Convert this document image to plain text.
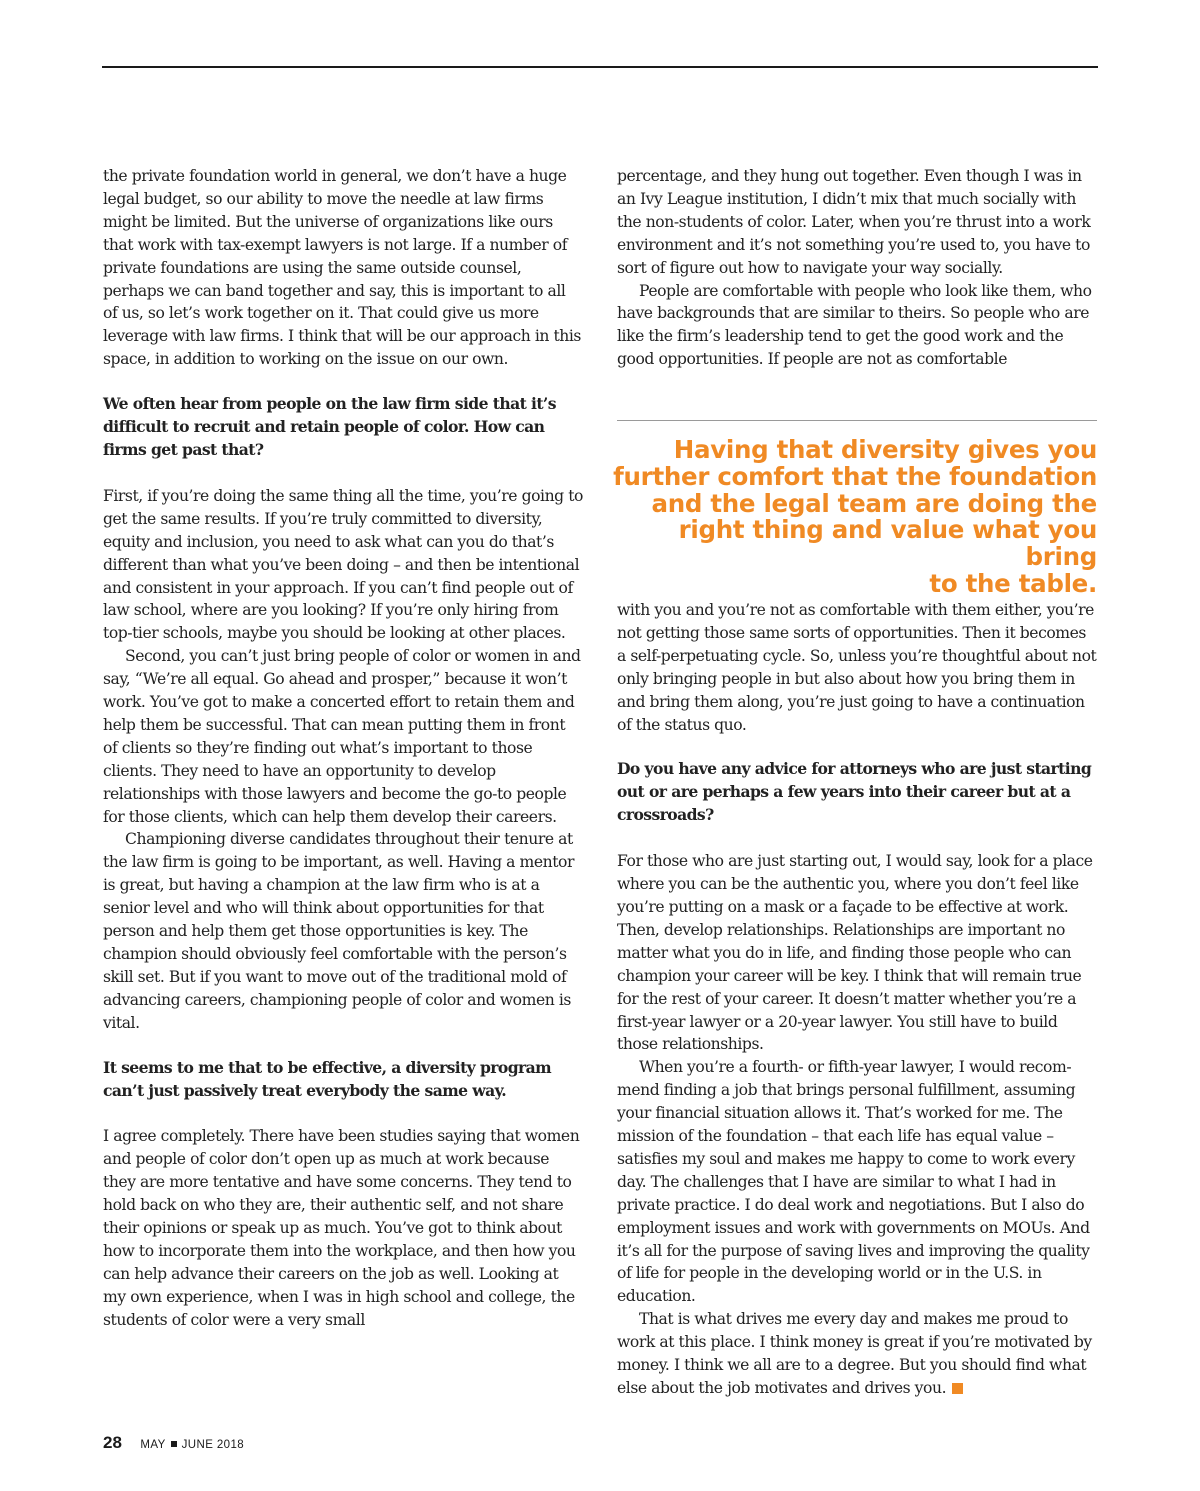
the private foundation world in general, we don’t have a huge legal budget, so our ability to move the needle at law firms might be limited. But the universe of organizations like ours that work with tax-exempt lawyers is not large. If a number of private foundations are using the same outside counsel, perhaps we can band together and say, this is important to all of us, so let’s work together on it. That could give us more leverage with law firms. I think that will be our approach in this space, in addition to working on the issue on our own.

We often hear from people on the law firm side that it’s difficult to recruit and retain people of color. How can firms get past that?

First, if you’re doing the same thing all the time, you’re going to get the same results. If you’re truly committed to diversity, equity and inclusion, you need to ask what can you do that’s different than what you’ve been doing – and then be intentional and consistent in your approach. If you can’t find people out of law school, where are you looking? If you’re only hiring from top-tier schools, maybe you should be looking at other places.

Second, you can’t just bring people of color or women in and say, “We’re all equal. Go ahead and prosper,” because it won’t work. You’ve got to make a concerted effort to retain them and help them be successful. That can mean putting them in front of clients so they’re finding out what’s important to those clients. They need to have an opportunity to develop relationships with those lawyers and become the go-to people for those clients, which can help them develop their careers.

Championing diverse candidates throughout their tenure at the law firm is going to be important, as well. Having a mentor is great, but having a champion at the law firm who is at a senior level and who will think about opportunities for that person and help them get those opportunities is key. The champion should obviously feel comfortable with the person’s skill set. But if you want to move out of the traditional mold of advancing careers, championing people of color and women is vital.

It seems to me that to be effective, a diversity program can’t just passively treat everybody the same way.

I agree completely. There have been studies saying that women and people of color don’t open up as much at work because they are more tentative and have some concerns. They tend to hold back on who they are, their authentic self, and not share their opinions or speak up as much. You’ve got to think about how to incorporate them into the workplace, and then how you can help advance their careers on the job as well. Looking at my own experience, when I was in high school and college, the students of color were a very small

percentage, and they hung out together. Even though I was in an Ivy League institution, I didn’t mix that much socially with the non-students of color. Later, when you’re thrust into a work environment and it’s not something you’re used to, you have to sort of figure out how to navigate your way socially.

People are comfortable with people who look like them, who have backgrounds that are similar to theirs. So people who are like the firm’s leadership tend to get the good work and the good opportunities. If people are not as comfortable

Having that diversity gives you
further comfort that the foundation
and the legal team are doing the
right thing and value what you bring
to the table.

with you and you’re not as comfortable with them either, you’re not getting those same sorts of opportunities. Then it becomes a self-perpetuating cycle. So, unless you’re thoughtful about not only bringing people in but also about how you bring them in and bring them along, you’re just going to have a continuation of the status quo.

Do you have any advice for attorneys who are just starting out or are perhaps a few years into their career but at a crossroads?

For those who are just starting out, I would say, look for a place where you can be the authentic you, where you don’t feel like you’re putting on a mask or a façade to be effective at work. Then, develop relationships. Relationships are important no matter what you do in life, and finding those people who can champion your career will be key. I think that will remain true for the rest of your career. It doesn’t matter whether you’re a first-year lawyer or a 20-year lawyer. You still have to build those relationships.

When you’re a fourth- or fifth-year lawyer, I would recommend finding a job that brings personal fulfillment, assuming your financial situation allows it. That’s worked for me. The mission of the foundation – that each life has equal value – satisfies my soul and makes me happy to come to work every day. The challenges that I have are similar to what I had in private practice. I do deal work and negotiations. But I also do employment issues and work with governments on MOUs. And it’s all for the purpose of saving lives and improving the quality of life for people in the developing world or in the U.S. in education.

That is what drives me every day and makes me proud to work at this place. I think money is great if you’re motivated by money. I think we all are to a degree. But you should find what else about the job motivates and drives you.

28 MAY JUNE 2018
